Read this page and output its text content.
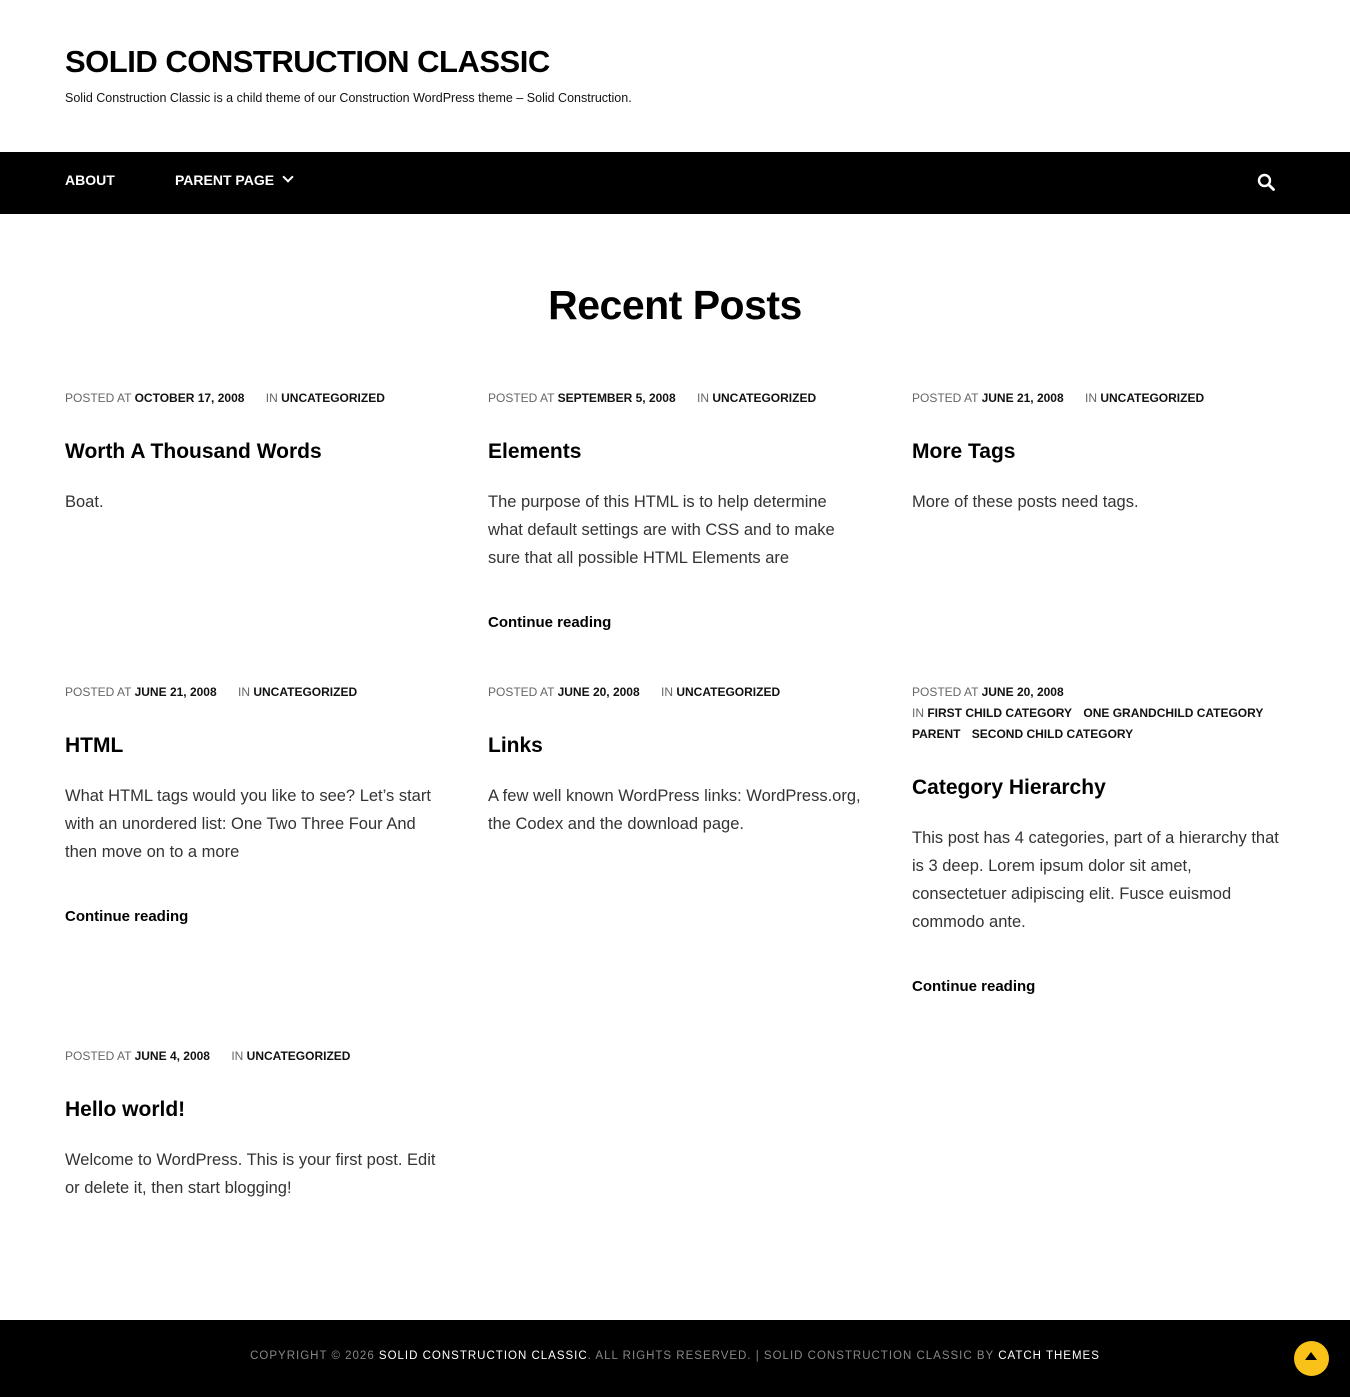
SOLID CONSTRUCTION CLASSIC
Solid Construction Classic is a child theme of our Construction WordPress theme – Solid Construction.
ABOUT	PARENT PAGE
Recent Posts
POSTED AT OCTOBER 17, 2008 IN UNCATEGORIZED
Worth A Thousand Words

Boat.

POSTED AT SEPTEMBER 5, 2008 IN UNCATEGORIZED
Elements

The purpose of this HTML is to help determine what default settings are with CSS and to make sure that all possible HTML Elements are

Continue reading
POSTED AT JUNE 21, 2008 IN UNCATEGORIZED
More Tags

More of these posts need tags.

POSTED AT JUNE 21, 2008 IN UNCATEGORIZED
HTML

What HTML tags would you like to see? Let’s start with an unordered list: One Two Three Four And then move on to a more

Continue reading
POSTED AT JUNE 20, 2008 IN UNCATEGORIZED
Links

A few well known WordPress links: WordPress.org, the Codex and the download page.

POSTED AT JUNE 20, 2008
IN FIRST CHILD CATEGORY ONE GRANDCHILD CATEGORY
PARENT SECOND CHILD CATEGORY
Category Hierarchy

This post has 4 categories, part of a hierarchy that is 3 deep. Lorem ipsum dolor sit amet, consectetuer adipiscing elit. Fusce euismod commodo ante.

Continue reading
POSTED AT JUNE 4, 2008 IN UNCATEGORIZED
Hello world!

Welcome to WordPress. This is your first post. Edit or delete it, then start blogging!

COPYRIGHT © 2026 SOLID CONSTRUCTION CLASSIC. ALL RIGHTS RESERVED. | SOLID CONSTRUCTION CLASSIC BY CATCH THEMES
